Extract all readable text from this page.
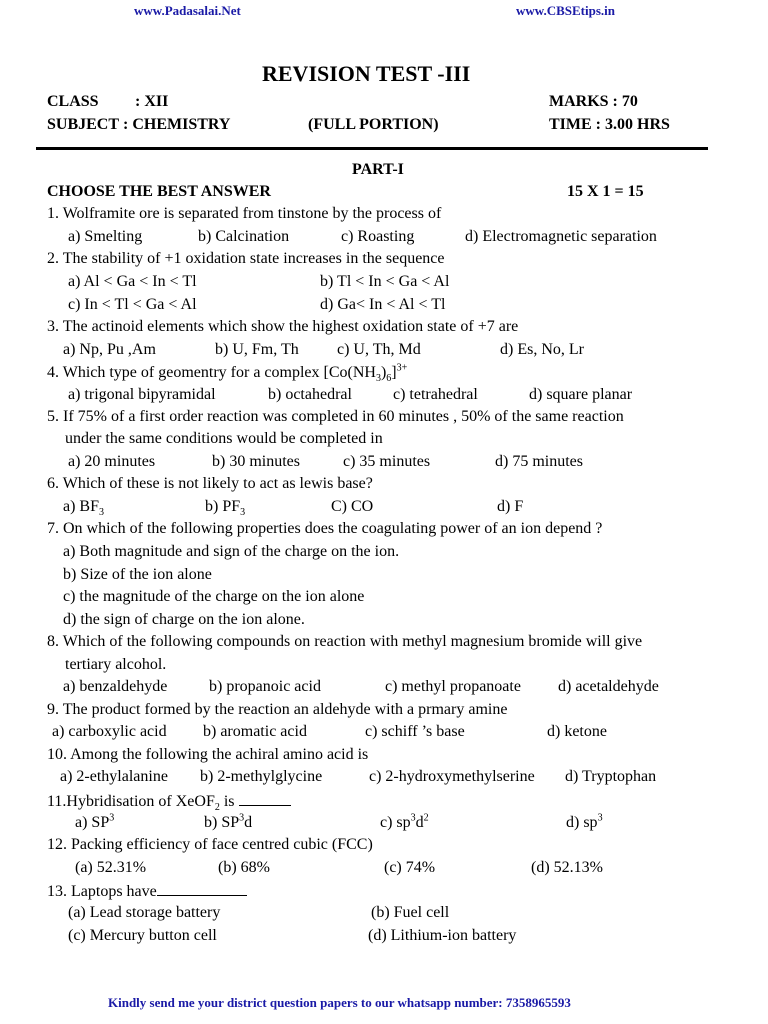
www.Padasalai.Net	www.CBSEtips.in
REVISION TEST -III
CLASS : XII	MARKS : 70
SUBJECT : CHEMISTRY	(FULL PORTION)	TIME : 3.00 HRS
PART-I
CHOOSE THE BEST ANSWER	15 X 1 = 15
1. Wolframite ore is separated from tinstone by the process of
a) Smelting	b) Calcination	c) Roasting	d) Electromagnetic separation
2. The stability of +1 oxidation state increases in the sequence
a) Al < Ga < In < Tl	b) Tl < In < Ga < Al
c) In < Tl < Ga < Al	d) Ga< In < Al < Tl
3. The actinoid elements which show the highest oxidation state of +7 are
a) Np, Pu ,Am	b) U, Fm, Th c) U, Th, Md	d) Es, No, Lr
4. Which type of geomentry for a complex $[Co(NH_3)_6]^{3+}$
a) trigonal bipyramidal	b) octahedral	c) tetrahedral	d) square planar
5. If 75% of a first order reaction was completed in 60 minutes , 50% of the same reaction
under the same conditions would be completed in
a) 20 minutes	b) 30 minutes	c) 35 minutes	d) 75 minutes
6. Which of these is not likely to act as lewis base?
a) $BF_3$	b) $PF_3$	C) CO	d) F
7. On which of the following properties does the coagulating power of an ion depend ?
a) Both magnitude and sign of the charge on the ion.
b) Size of the ion alone
c) the magnitude of the charge on the ion alone
d) the sign of charge on the ion alone.
8. Which of the following compounds on reaction with methyl magnesium bromide will give
tertiary alcohol.
a) benzaldehyde	b) propanoic acid	c) methyl propanoate d) acetaldehyde
9. The product formed by the reaction an aldehyde with a prmary amine
a) carboxylic acid b) aromatic acid	c) schiff ’s base	d) ketone
10. Among the following the achiral amino acid is
a) 2-ethylalanine b) 2-methylglycine	c) 2-hydroxymethylserine d) Tryptophan
11.Hybridisation of XeOF$_2$ is
a) $SP^3$	b) $SP^3d$	c) $sp^3d^2$	d) $sp^3$
12. Packing efficiency of face centred cubic (FCC)
(a) 52.31%	(b) 68%	(c) 74%	(d) 52.13%
13. Laptops have
(a) Lead storage battery	(b) Fuel cell
(c) Mercury button cell	(d) Lithium-ion battery
Kindly send me your district question papers to our whatsapp number: 7358965593
